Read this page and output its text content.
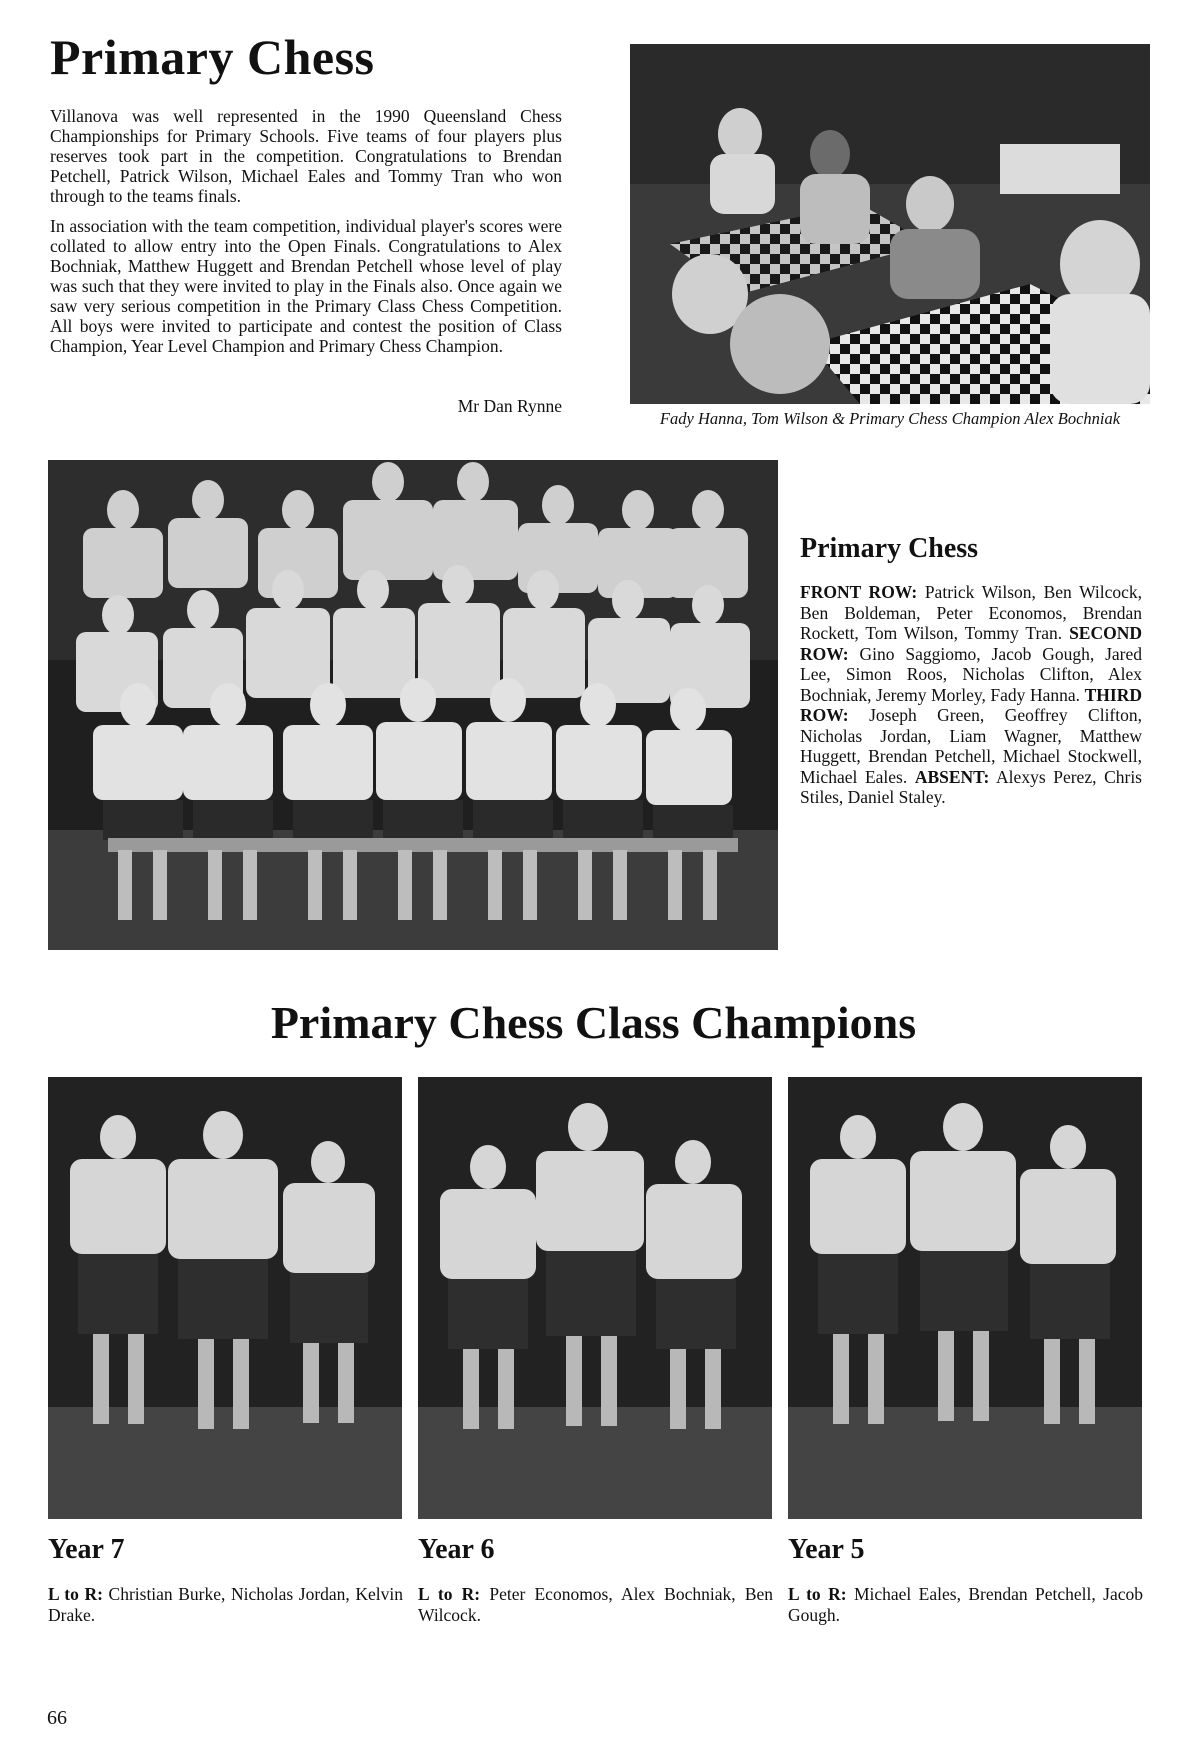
Primary Chess

Villanova was well represented in the 1990 Queensland Chess Championships for Primary Schools. Five teams of four players plus reserves took part in the competition. Congratulations to Brendan Petchell, Patrick Wilson, Michael Eales and Tommy Tran who won through to the teams finals.

In association with the team competition, individual player's scores were collated to allow entry into the Open Finals. Congratulations to Alex Bochniak, Matthew Huggett and Brendan Petchell whose level of play was such that they were invited to play in the Finals also. Once again we saw very serious competition in the Primary Class Chess Competition. All boys were invited to participate and contest the position of Class Champion, Year Level Champion and Primary Chess Champion.

Mr Dan Rynne
Fady Hanna, Tom Wilson & Primary Chess Champion Alex Bochniak
Primary Chess

FRONT ROW: Patrick Wilson, Ben Wilcock, Ben Boldeman, Peter Economos, Brendan Rockett, Tom Wilson, Tommy Tran. SECOND ROW: Gino Saggiomo, Jacob Gough, Jared Lee, Simon Roos, Nicholas Clifton, Alex Bochniak, Jeremy Morley, Fady Hanna. THIRD ROW: Joseph Green, Geoffrey Clifton, Nicholas Jordan, Liam Wagner, Matthew Huggett, Brendan Petchell, Michael Stockwell, Michael Eales. ABSENT: Alexys Perez, Chris Stiles, Daniel Staley.

Primary Chess Class Champions
Year 7	Year 6	Year 5

L to R: Christian Burke, Nicholas Jordan, Kelvin Drake.

L to R: Peter Economos, Alex Bochniak, Ben Wilcock.

L to R: Michael Eales, Brendan Petchell, Jacob Gough.

66
